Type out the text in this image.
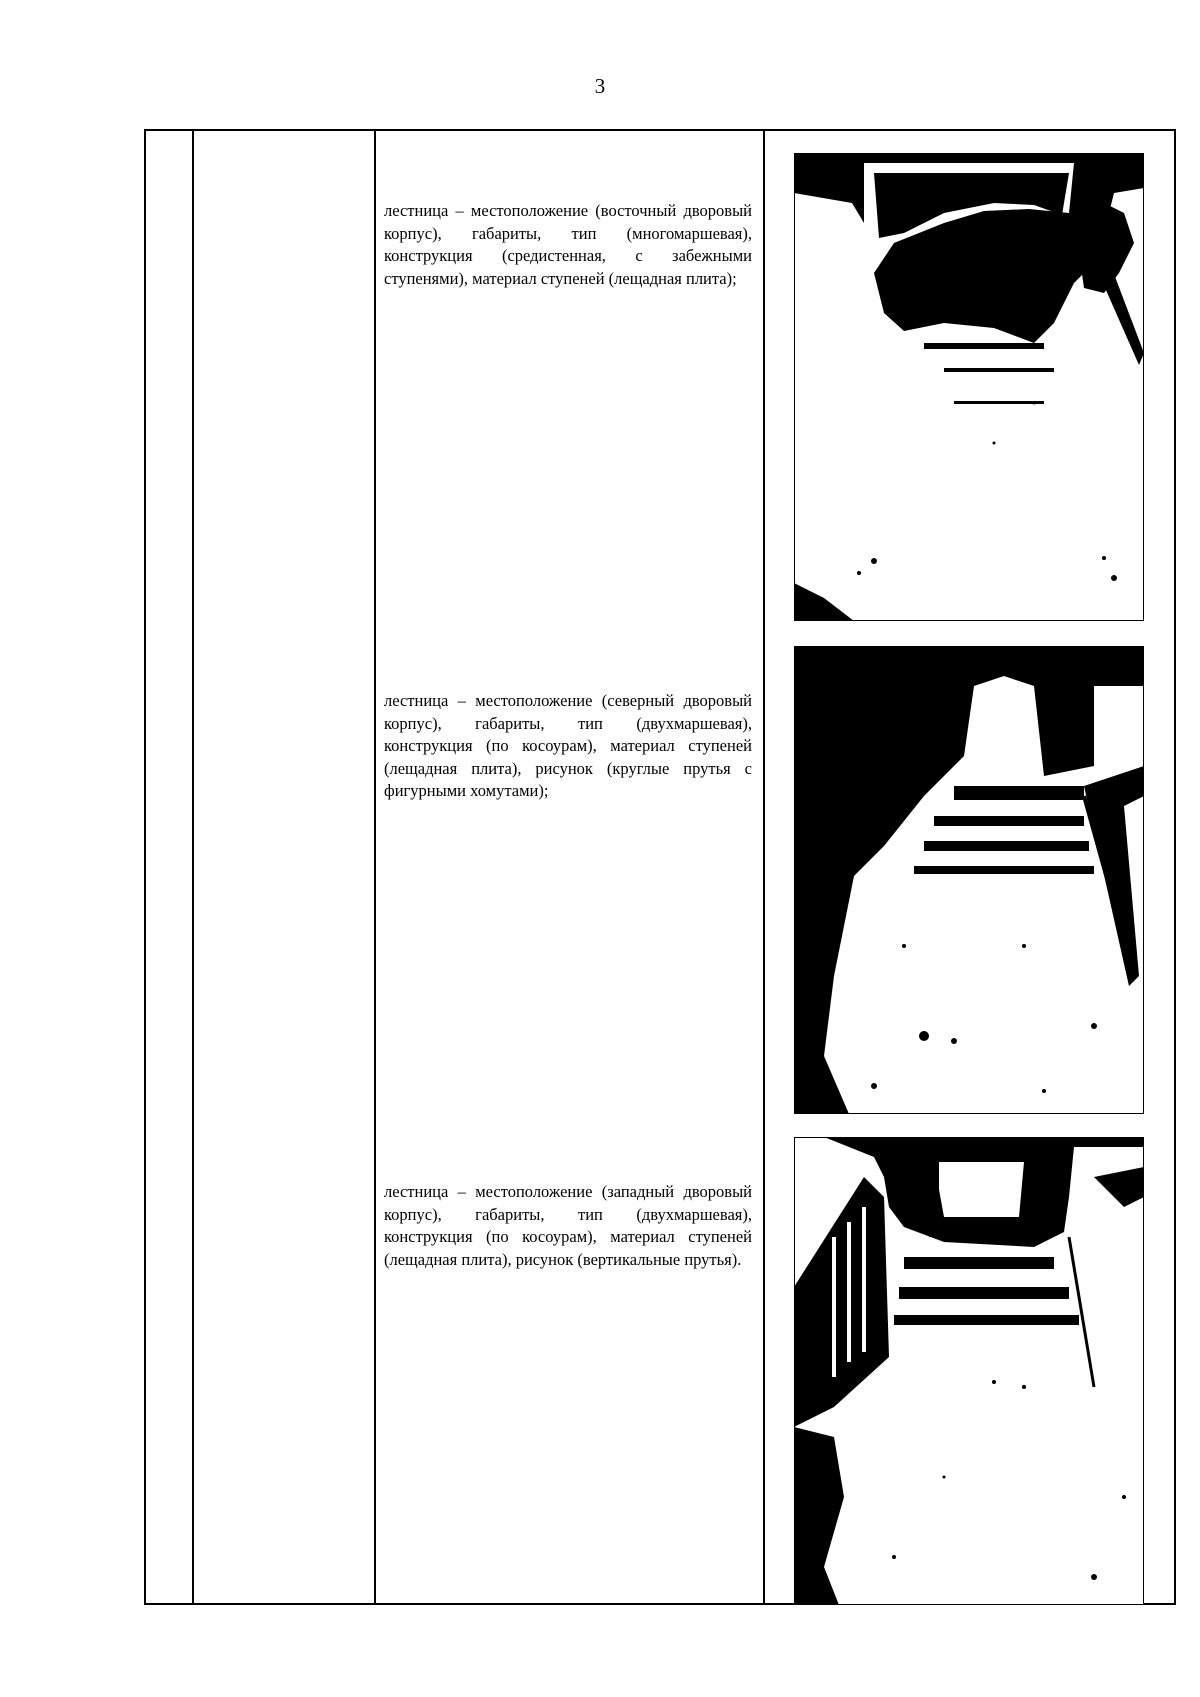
3
лестница – местоположение (восточный дворовый корпус), габариты, тип (многомаршевая), конструкция (средистенная, с забежными ступенями), материал ступеней (лещадная плита);
лестница – местоположение (северный дворовый корпус), габариты, тип (двухмаршевая), конструкция (по косоурам), материал ступеней (лещадная плита), рисунок (круглые прутья с фигурными хомутами);
лестница – местоположение (западный дворовый корпус), габариты, тип (двухмаршевая), конструкция (по косоурам), материал ступеней (лещадная плита), рисунок (вертикальные прутья).
